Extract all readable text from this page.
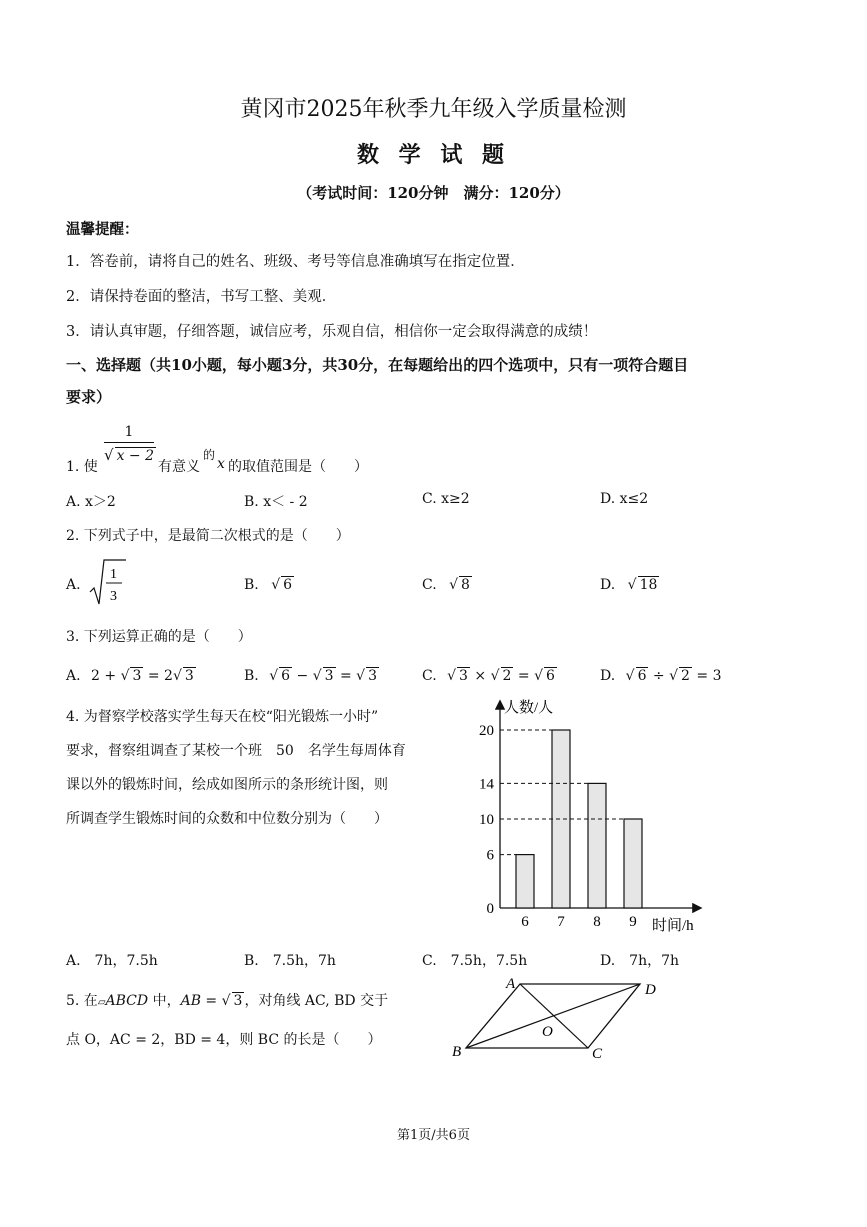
黄冈市2025年秋季九年级入学质量检测
数 学 试 题
（考试时间：120分钟　满分：120分）
温馨提醒：
1．答卷前，请将自己的姓名、班级、考号等信息准确填写在指定位置．
2．请保持卷面的整洁，书写工整、美观．
3．请认真审题，仔细答题，诚信应考，乐观自信，相信你一定会取得满意的成绩！
一、选择题（共10小题，每小题3分，共30分，在每题给出的四个选项中，只有一项符合题目
要求）
1. 使
1
√ x − 2
有意义
的
x 的取值范围是（　　）
A. x＞2	B. x＜ - 2	C. x≥2	D. x≤2
2. 下列式子中，是最简二次根式的是（　　）
A.
1
3
B. √ 6	C. √ 8	D. √ 18
3. 下列运算正确的是（　　）
A. 2 + √ 3 = 2√ 3	B. √ 6 − √ 3 = √ 3	C. √ 3 × √ 2 = √ 6	D. √ 6 ÷ √ 2 = 3
4. 为督察学校落实学生每天在校“阳光锻炼一小时”
要求，督察组调查了某校一个班　50　名学生每周体育
课以外的锻炼时间，绘成如图所示的条形统计图，则
所调查学生锻炼时间的众数和中位数分别为（　　）
人数/人
时间/h
6 7 8 9
0
6
10
14
20
A.　7h，7.5h	B.　7.5h，7h	C.　7.5h，7.5h	D.　7h，7h
5. 在▱ABCD 中，AB = √ 3 ，对角线 AC, BD 交于
点 O，AC = 2，BD = 4，则 BC 的长是（　　）
A	D
B	C
O
第1页/共6页
